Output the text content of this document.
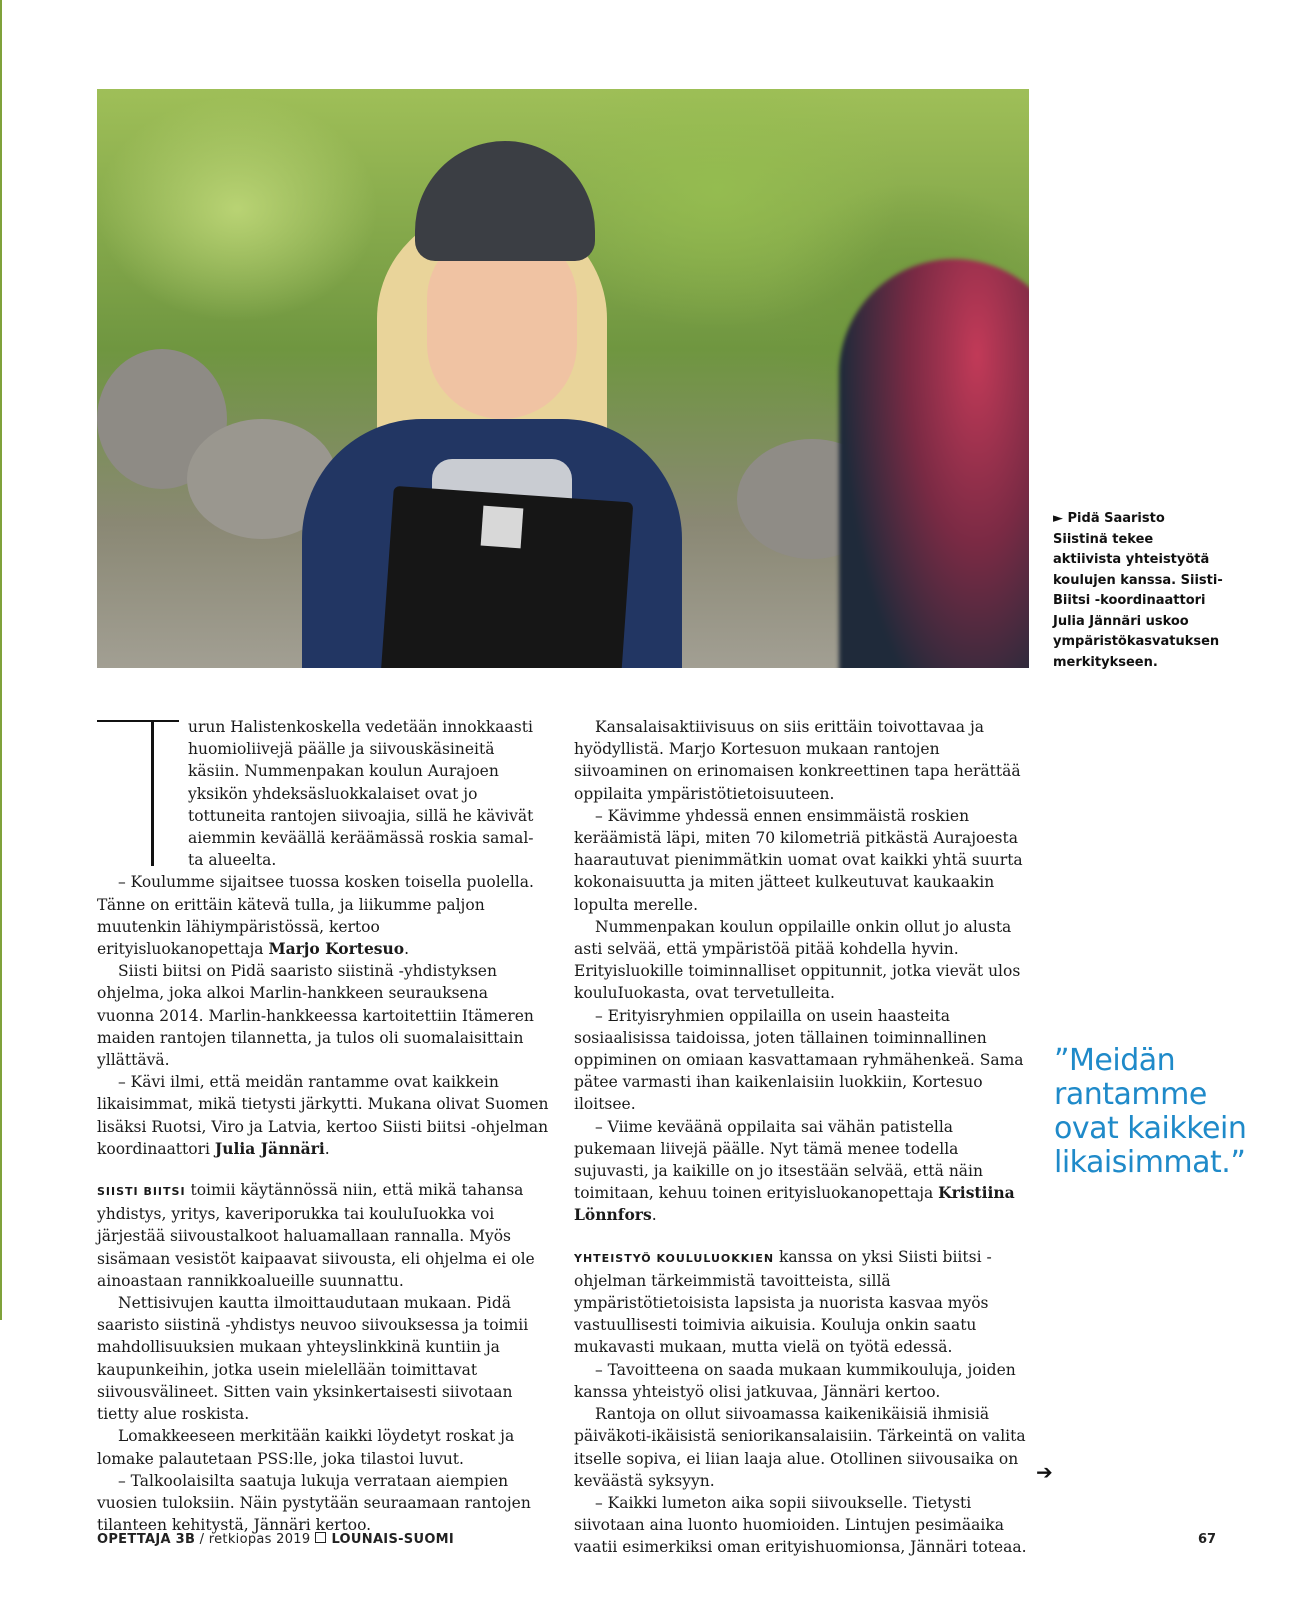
► Pidä Saaristo
Siistinä tekee
aktiivista yhteistyötä
koulujen kanssa. Siisti-
Biitsi -koordinaattori
Julia Jännäri uskoo
ympäristökasvatuksen
merkitykseen.
urun Halistenkoskella vedetään innokkaasti
huomioliivejä päälle ja siivouskäsineitä
käsiin. Nummenpakan koulun Aurajoen
yksikön yhdeksäsluokkalaiset ovat jo
tottuneita rantojen siivoajia, sillä he kävivät
aiemmin keväällä keräämässä roskia samal-
ta alueelta.

– Koulumme sijaitsee tuossa kosken toisella puolella. Tänne on erittäin kätevä tulla, ja liikumme paljon muutenkin lähiympäristössä, kertoo erityisluokanopettaja Marjo Kortesuo.

Siisti biitsi on Pidä saaristo siistinä -yhdistyksen ohjelma, joka alkoi Marlin-hankkeen seurauksena vuonna 2014. Marlin-hankkeessa kartoitettiin Itämeren maiden rantojen tilannetta, ja tulos oli suomalaisittain yllättävä.

– Kävi ilmi, että meidän rantamme ovat kaikkein likaisimmat, mikä tietysti järkytti. Mukana olivat Suomen lisäksi Ruotsi, Viro ja Latvia, kertoo Siisti biitsi -ohjelman koordinaattori Julia Jännäri.

SIISTI BIITSI toimii käytännössä niin, että mikä tahansa yhdistys, yritys, kaveriporukka tai kouluIuokka voi järjestää siivoustalkoot haluamallaan rannallа. Myös sisämaan vesistöt kaipaavat siivousta, eli ohjelma ei ole ainoastaan rannikkoalueille suunnattu.

Nettisivujen kautta ilmoittaudutaan mukaan. Pidä saaristo siistinä -yhdistys neuvoo siivouksessa ja toimii mahdollisuuksien mukaan yhteyslinkkinä kuntiin ja kaupunkeihin, jotka usein mielellään toimittavat siivousvälineet. Sitten vain yksinkertaisesti siivotaan tietty alue roskista.

Lomakkeeseen merkitään kaikki löydetyt roskat ja lomake palautetaan PSS:lle, joka tilastoi luvut.

– Talkoolaisilta saatuja lukuja verrataan aiempien vuosien tuloksiin. Näin pystytään seuraamaan rantojen tilanteen kehitystä, Jännäri kertoo.

Kansalaisaktiivisuus on siis erittäin toivottavaa ja hyödyllistä. Marjo Kortesuon mukaan rantojen siivoaminen on erinomaisen konkreettinen tapa herättää oppilaita ympäristötietoisuuteen.

– Kävimme yhdessä ennen ensimmäistä roskien keräämistä läpi, miten 70 kilometriä pitkästä Aurajoesta haarautuvat pienimmätkin uomat ovat kaikki yhtä suurta kokonaisuutta ja miten jätteet kulkeutuvat kaukaakin lopulta merelle.

Nummenpakan koulun oppilaille onkin ollut jo alusta asti selvää, että ympäristöä pitää kohdella hyvin. Erityisluokille toiminnalliset oppitunnit, jotka vievät ulos kouluIuokasta, ovat tervetulleita.

– Erityisryhmien oppilailla on usein haasteita sosiaalisissa taidoissa, joten tällainen toiminnallinen oppiminen on omiaan kasvattamaan ryhmähenkeä. Sama pätee varmasti ihan kaikenlaisiin luokkiin, Kortesuo iloitsee.

– Viime keväänä oppilaita sai vähän patistella pukemaan liivejä päälle. Nyt tämä menee todella sujuvasti, ja kaikille on jo itsestään selvää, että näin toimitaan, kehuu toinen erityisluokanopettaja Kristiina Lönnfors.

YHTEISTYÖ KOULULUOKKIEN kanssa on yksi Siisti biitsi -ohjelman tärkeimmistä tavoitteista, sillä ympäristötietoisista lapsista ja nuorista kasvaa myös vastuullisesti toimivia aikuisia. Kouluja onkin saatu mukavasti mukaan, mutta vielä on työtä edessä.

– Tavoitteena on saada mukaan kummikouluja, joiden kanssa yhteistyö olisi jatkuvaa, Jännäri kertoo.

Rantoja on ollut siivoamassa kaikenikäisiä ihmisiä päiväkoti-ikäisistä seniorikansalaisiin. Tärkeintä on valita itselle sopiva, ei liian laaja alue. Otollinen siivousaika on keväästä syksyyn.

– Kaikki lumeton aika sopii siivoukselle. Tietysti siivotaan aina luonto huomioiden. Lintujen pesimäaika vaatii esimerkiksi oman erityishuomionsa, Jännäri toteaa.

”Meidän rantamme ovat kaikkein likaisimmat.”
➔
OPETTAJA 3B / retkiopas 2019 LOUNAIS-SUOMI	67
